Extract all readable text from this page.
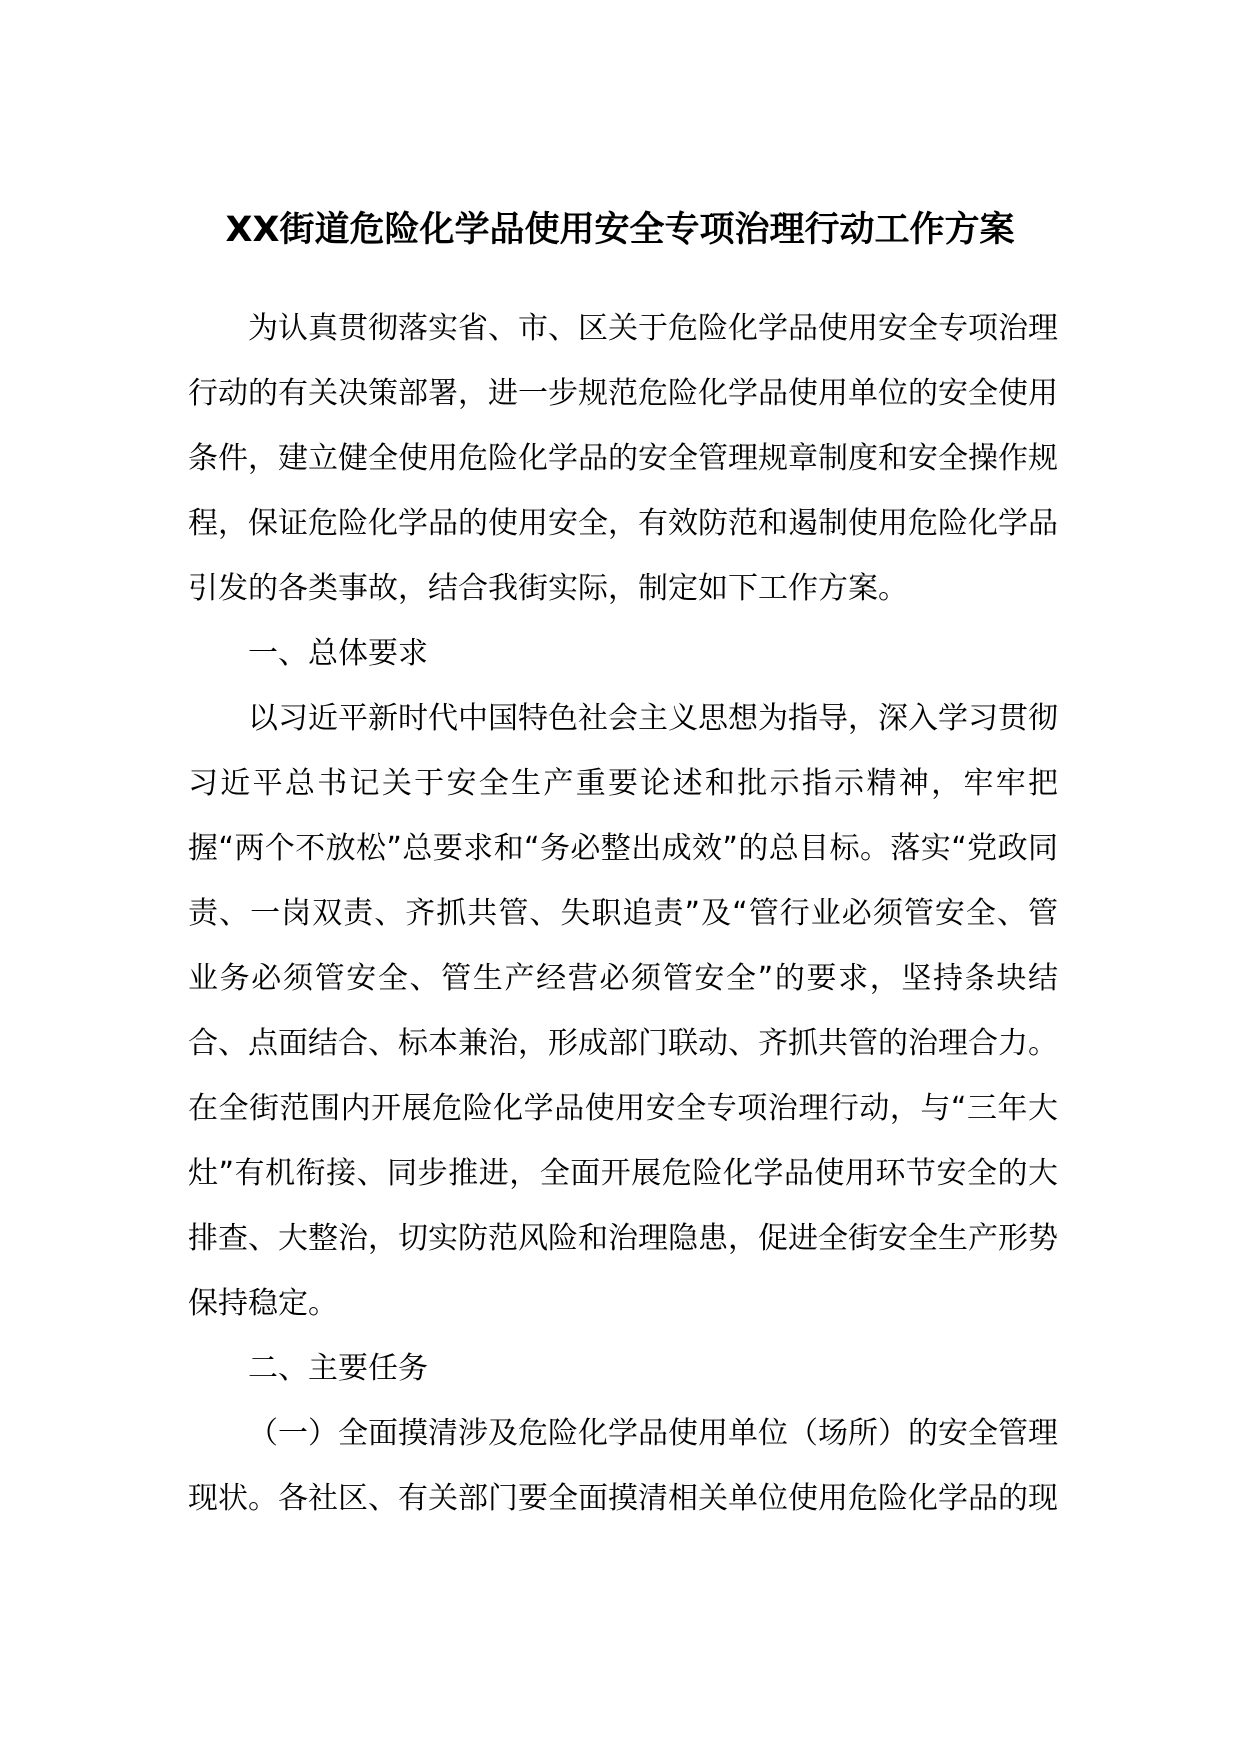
XX街道危险化学品使用安全专项治理行动工作方案

为认真贯彻落实省、市、区关于危险化学品使用安全专项治理行动的有关决策部署，进一步规范危险化学品使用单位的安全使用条件，建立健全使用危险化学品的安全管理规章制度和安全操作规程，保证危险化学品的使用安全，有效防范和遏制使用危险化学品引发的各类事故，结合我街实际，制定如下工作方案。

一、总体要求

以习近平新时代中国特色社会主义思想为指导，深入学习贯彻习近平总书记关于安全生产重要论述和批示指示精神，牢牢把握“两个不放松”总要求和“务必整出成效”的总目标。落实“党政同责、一岗双责、齐抓共管、失职追责”及“管行业必须管安全、管业务必须管安全、管生产经营必须管安全”的要求，坚持条块结合、点面结合、标本兼治，形成部门联动、齐抓共管的治理合力。在全街范围内开展危险化学品使用安全专项治理行动，与“三年大灶”有机衔接、同步推进，全面开展危险化学品使用环节安全的大排查、大整治，切实防范风险和治理隐患，促进全街安全生产形势保持稳定。

二、主要任务

（一）全面摸清涉及危险化学品使用单位（场所）的安全管理现状。各社区、有关部门要全面摸清相关单位使用危险化学品的现
